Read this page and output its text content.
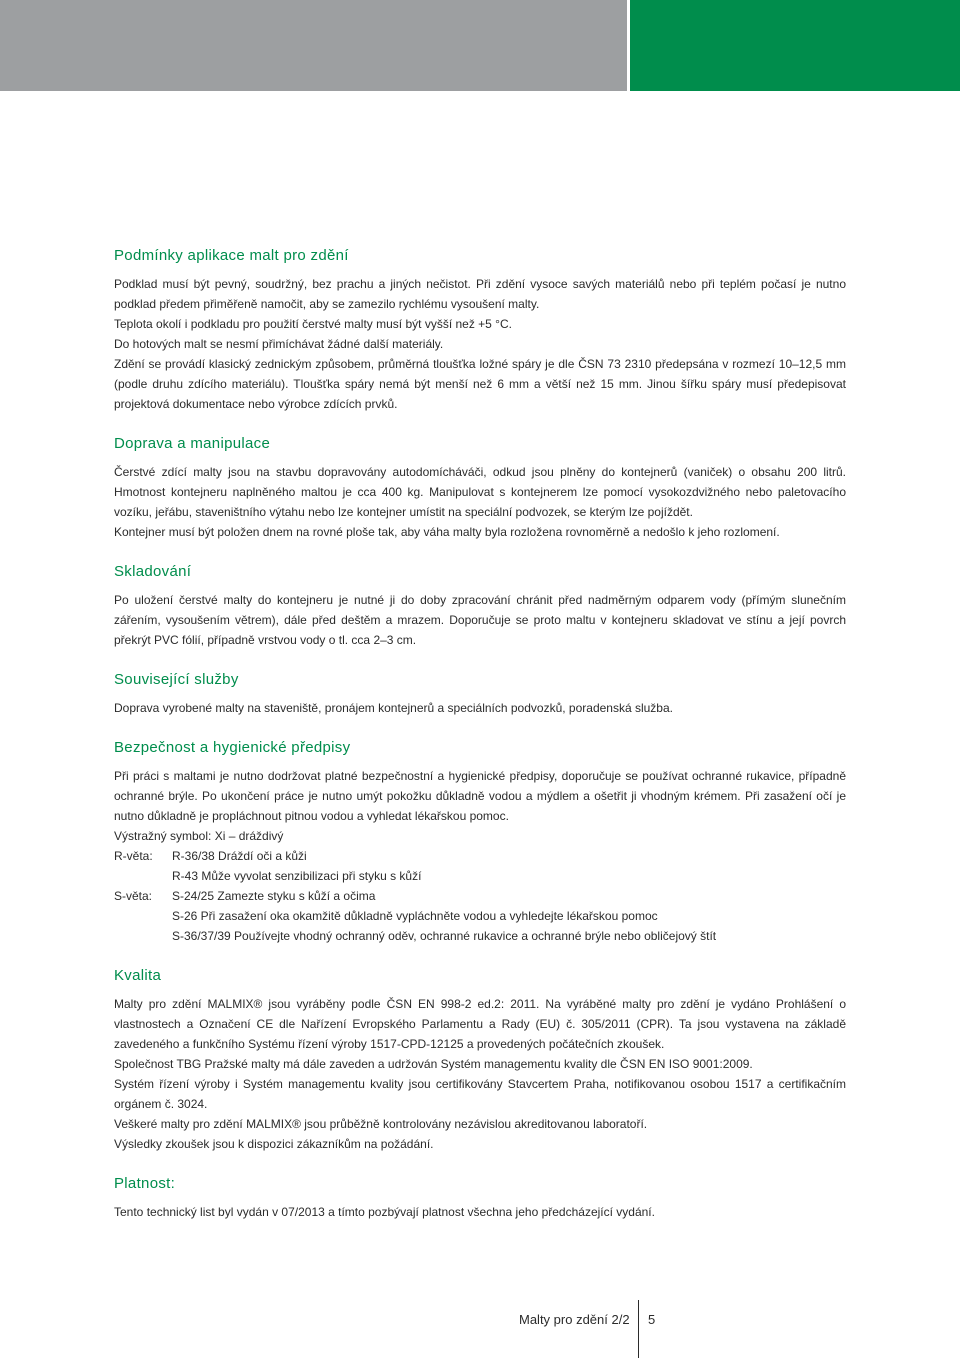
Podmínky aplikace malt pro zdění

Podklad musí být pevný, soudržný, bez prachu a jiných nečistot. Při zdění vysoce savých materiálů nebo při teplém počasí je nutno podklad předem přiměřeně namočit, aby se zamezilo rychlému vysoušení malty.

Teplota okolí i podkladu pro použití čerstvé malty musí být vyšší než +5 °C.

Do hotových malt se nesmí přimíchávat žádné další materiály.

Zdění se provádí klasický zednickým způsobem, průměrná tloušťka ložné spáry je dle ČSN 73 2310 předepsána v rozmezí 10–12,5 mm (podle druhu zdícího materiálu). Tloušťka spáry nemá být menší než 6 mm a větší než 15 mm. Jinou šířku spáry musí předepisovat projektová dokumentace nebo výrobce zdících prvků.

Doprava a manipulace

Čerstvé zdící malty jsou na stavbu dopravovány autodomícháváči, odkud jsou plněny do kontejnerů (vaniček) o obsahu 200 litrů. Hmotnost kontejneru naplněného maltou je cca 400 kg. Manipulovat s kontejnerem lze pomocí vysokozdvižného nebo paletovacího vozíku, jeřábu, staveništního výtahu nebo lze kontejner umístit na speciální podvozek, se kterým lze pojíždět.

Kontejner musí být položen dnem na rovné ploše tak, aby váha malty byla rozložena rovnoměrně a nedošlo k jeho rozlomení.

Skladování

Po uložení čerstvé malty do kontejneru je nutné ji do doby zpracování chránit před nadměrným odparem vody (přímým slunečním zářením, vysoušením větrem), dále před deštěm a mrazem. Doporučuje se proto maltu v kontejneru skladovat ve stínu a její povrch překrýt PVC fólií, případně vrstvou vody o tl. cca 2–3 cm.

Související služby

Doprava vyrobené malty na staveniště, pronájem kontejnerů a speciálních podvozků, poradenská služba.

Bezpečnost a hygienické předpisy

Při práci s maltami je nutno dodržovat platné bezpečnostní a hygienické předpisy, doporučuje se používat ochranné rukavice, případně ochranné brýle. Po ukončení práce je nutno umýt pokožku důkladně vodou a mýdlem a ošetřit ji vhodným krémem. Při zasažení očí je nutno důkladně je propláchnout pitnou vodou a vyhledat lékařskou pomoc.

Výstražný symbol: Xi – dráždivý

R-věta:	R-36/38 Dráždí oči a kůži
R-43 Může vyvolat senzibilizaci při styku s kůží
S-věta:	S-24/25 Zamezte styku s kůží a očima
S-26 Při zasažení oka okamžitě důkladně vypláchněte vodou a vyhledejte lékařskou pomoc
S-36/37/39 Používejte vhodný ochranný oděv, ochranné rukavice a ochranné brýle nebo obličejový štít
Kvalita

Malty pro zdění MALMIX® jsou vyráběny podle ČSN EN 998-2 ed.2: 2011. Na vyráběné malty pro zdění je vydáno Prohlášení o vlastnostech a Označení CE dle Nařízení Evropského Parlamentu a Rady (EU) č. 305/2011 (CPR). Ta jsou vystavena na základě zavedeného a funkčního Systému řízení výroby 1517-CPD-12125 a provedených počátečních zkoušek.

Společnost TBG Pražské malty má dále zaveden a udržován Systém managementu kvality dle ČSN EN ISO 9001:2009.

Systém řízení výroby i Systém managementu kvality jsou certifikovány Stavcertem Praha, notifikovanou osobou 1517 a certifikačním orgánem č. 3024.

Veškeré malty pro zdění MALMIX® jsou průběžně kontrolovány nezávislou akreditovanou laboratoří.

Výsledky zkoušek jsou k dispozici zákazníkům na požádání.

Platnost:

Tento technický list byl vydán v 07/2013 a tímto pozbývají platnost všechna jeho předcházející vydání.

Malty pro zdění 2/2 5
